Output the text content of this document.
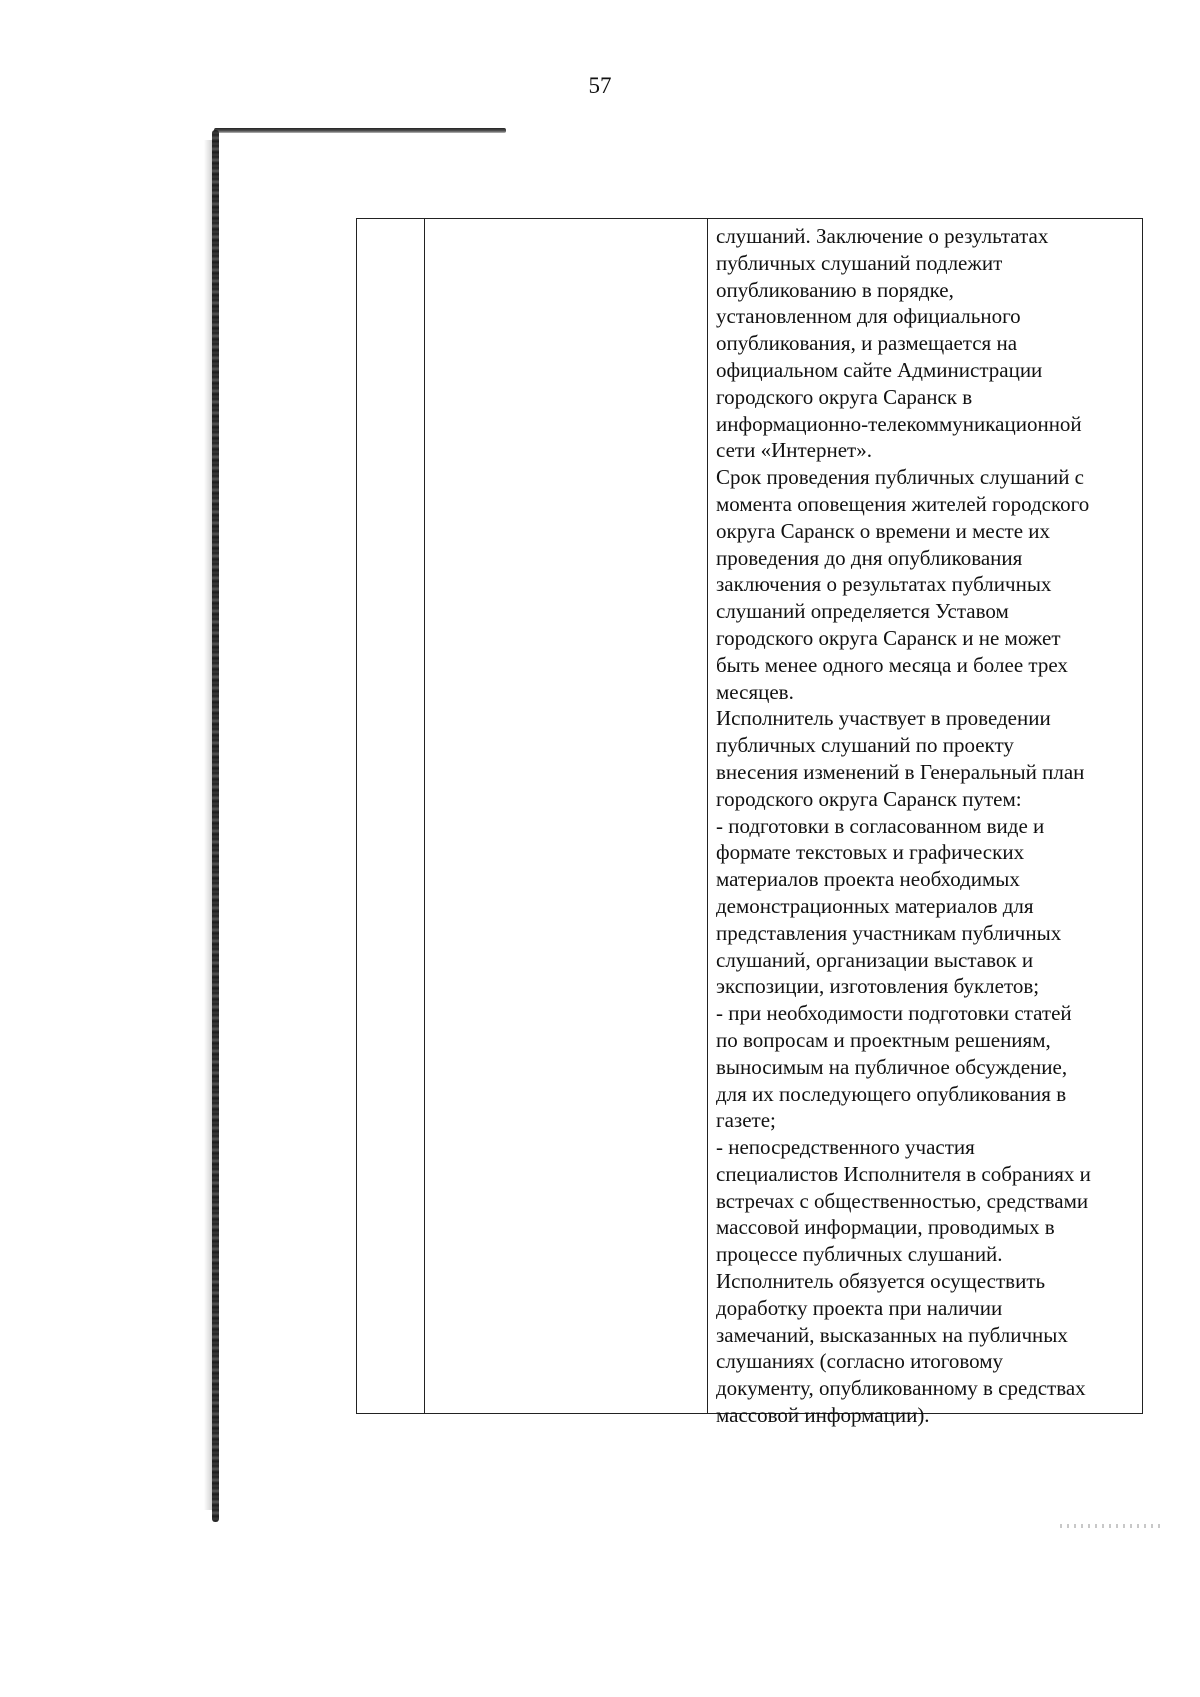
57

слушаний. Заключение о результатах
публичных слушаний подлежит
опубликованию в порядке,
установленном для официального
опубликования, и размещается на
официальном сайте Администрации
городского округа Саранск в
информационно-телекоммуникационной
сети «Интернет».

Срок проведения публичных слушаний с
момента оповещения жителей городского
округа Саранск о времени и месте их
проведения до дня опубликования
заключения о результатах публичных
слушаний определяется Уставом
городского округа Саранск и не может
быть менее одного месяца и более трех
месяцев.

Исполнитель участвует в проведении
публичных слушаний по проекту
внесения изменений в Генеральный план
городского округа Саранск путем:

- подготовки в согласованном виде и
формате текстовых и графических
материалов проекта необходимых
демонстрационных материалов для
представления участникам публичных
слушаний, организации выставок и
экспозиции, изготовления буклетов;

- при необходимости подготовки статей
по вопросам и проектным решениям,
выносимым на публичное обсуждение,
для их последующего опубликования в
газете;

- непосредственного участия
специалистов Исполнителя в собраниях и
встречах с общественностью, средствами
массовой информации, проводимых в
процессе публичных слушаний.

Исполнитель обязуется осуществить
доработку проекта при наличии
замечаний, высказанных на публичных
слушаниях (согласно итоговому
документу, опубликованному в средствах
массовой информации).
